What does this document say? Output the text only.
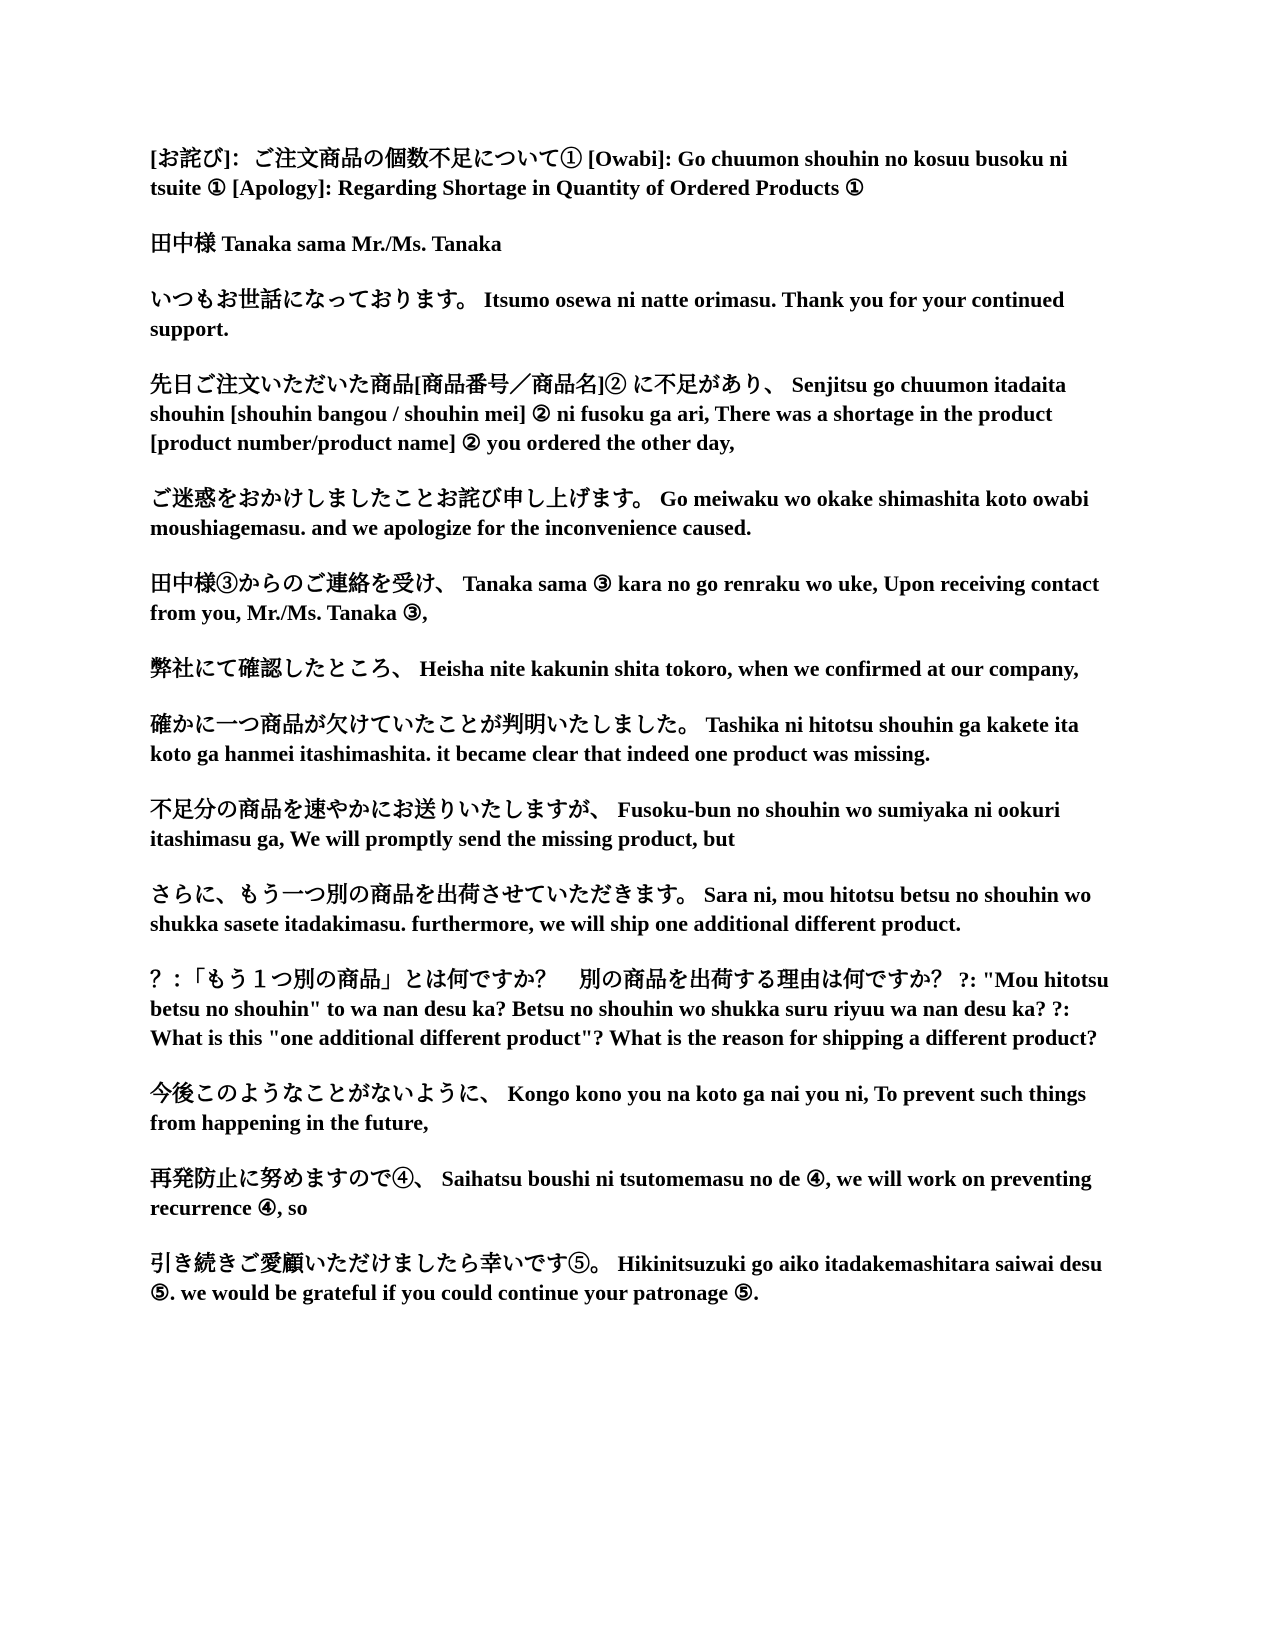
[お詫び]：ご注文商品の個数不足について① [Owabi]: Go chuumon shouhin no kosuu busoku ni tsuite ① [Apology]: Regarding Shortage in Quantity of Ordered Products ①

田中様 Tanaka sama Mr./Ms. Tanaka

いつもお世話になっております。 Itsumo osewa ni natte orimasu. Thank you for your continued support.

先日ご注文いただいた商品[商品番号／商品名]② に不足があり、 Senjitsu go chuumon itadaita shouhin [shouhin bangou / shouhin mei] ② ni fusoku ga ari, There was a shortage in the product [product number/product name] ② you ordered the other day,

ご迷惑をおかけしましたことお詫び申し上げます。 Go meiwaku wo okake shimashita koto owabi moushiagemasu. and we apologize for the inconvenience caused.

田中様③からのご連絡を受け、 Tanaka sama ③ kara no go renraku wo uke, Upon receiving contact from you, Mr./Ms. Tanaka ③,

弊社にて確認したところ、 Heisha nite kakunin shita tokoro, when we confirmed at our company,

確かに一つ商品が欠けていたことが判明いたしました。 Tashika ni hitotsu shouhin ga kakete ita koto ga hanmei itashimashita. it became clear that indeed one product was missing.

不足分の商品を速やかにお送りいたしますが、 Fusoku-bun no shouhin wo sumiyaka ni ookuri itashimasu ga, We will promptly send the missing product, but

さらに、もう一つ別の商品を出荷させていただきます。 Sara ni, mou hitotsu betsu no shouhin wo shukka sasete itadakimasu. furthermore, we will ship one additional different product.

？：「もう１つ別の商品」とは何ですか？　別の商品を出荷する理由は何ですか？ ?: "Mou hitotsu betsu no shouhin" to wa nan desu ka? Betsu no shouhin wo shukka suru riyuu wa nan desu ka? ?: What is this "one additional different product"? What is the reason for shipping a different product?

今後このようなことがないように、 Kongo kono you na koto ga nai you ni, To prevent such things from happening in the future,

再発防止に努めますので④、 Saihatsu boushi ni tsutomemasu no de ④, we will work on preventing recurrence ④, so

引き続きご愛顧いただけましたら幸いです⑤。 Hikinitsuzuki go aiko itadakemashitara saiwai desu ⑤. we would be grateful if you could continue your patronage ⑤.
